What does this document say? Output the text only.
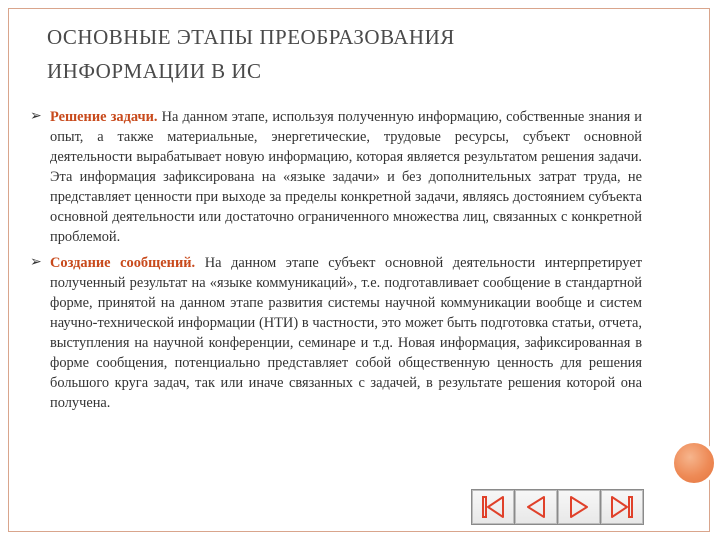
ОСНОВНЫЕ ЭТАПЫ ПРЕОБРАЗОВАНИЯ
ИНФОРМАЦИИ В ИС
➢ Решение задачи. На данном этапе, используя полученную информацию, собственные знания и опыт, а также материальные, энергетические, трудовые ресурсы, субъект основной деятельности вырабатывает новую информацию, которая является результатом решения задачи. Эта информация зафиксирована на «языке задачи» и без дополнительных затрат труда, не представляет ценности при выходе за пределы конкретной задачи, являясь достоянием субъекта основной деятельности или достаточно ограниченного множества лиц, связанных с конкретной проблемой.

➢ Создание сообщений. На данном этапе субъект основной деятельности интерпретирует полученный результат на «языке коммуникаций», т.е. подготавливает сообщение в стандартной форме, принятой на данном этапе развития системы научной коммуникации вообще и систем научно-технической информации (НТИ) в частности, это может быть подготовка статьи, отчета, выступления на научной конференции, семинаре и т.д. Новая информация, зафиксированная в форме сообщения, потенциально представляет собой общественную ценность для решения большого круга задач, так или иначе связанных с задачей, в результате решения которой она получена.
